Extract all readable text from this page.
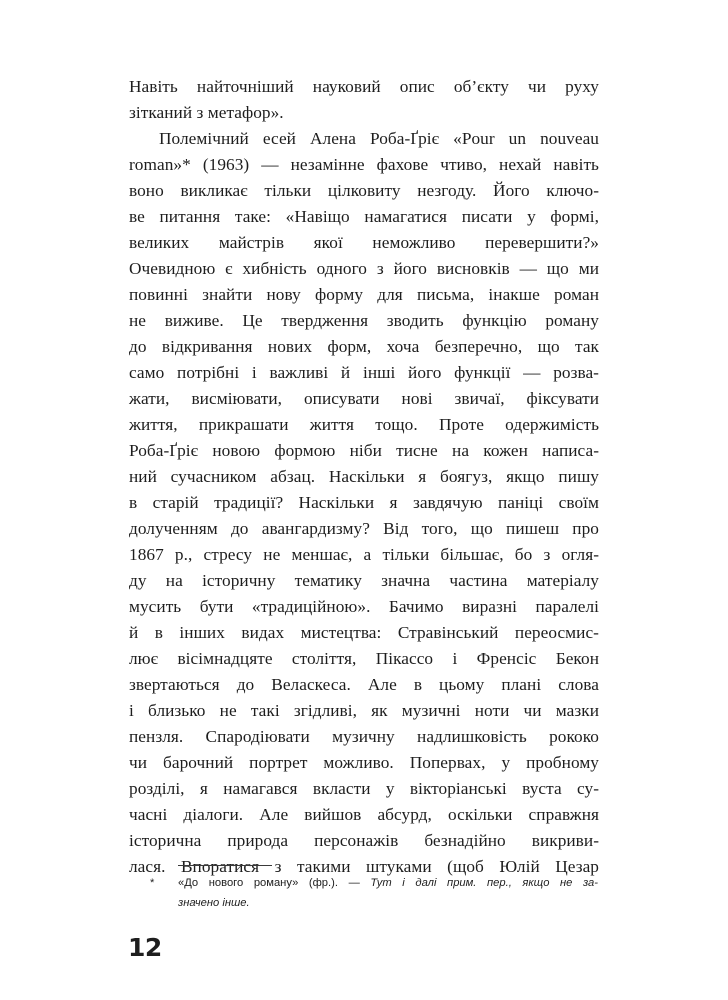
Навіть найточніший науковий опис об’єкту чи руху
зітканий з метафор».
Полемічний есей Алена Роба-Ґріє «Pour un nouveau
roman»* (1963) — незамінне фахове чтиво, нехай навіть
воно викликає тільки цілковиту незгоду. Його ключо-
ве питання таке: «Навіщо намагатися писати у формі,
великих майстрів якої неможливо перевершити?»
Очевидною є хибність одного з його висновків — що ми
повинні знайти нову форму для письма, інакше роман
не виживе. Це твердження зводить функцію роману
до відкривання нових форм, хоча безперечно, що так
само потрібні і важливі й інші його функції — розва-
жати, висміювати, описувати нові звичаї, фіксувати
життя, прикрашати життя тощо. Проте одержимість
Роба-Ґріє новою формою ніби тисне на кожен написа-
ний сучасником абзац. Наскільки я боягуз, якщо пишу
в старій традиції? Наскільки я завдячую паніці своїм
долученням до авангардизму? Від того, що пишеш про
1867 р., стресу не меншає, а тільки більшає, бо з огля-
ду на історичну тематику значна частина матеріалу
мусить бути «традиційною». Бачимо виразні паралелі
й в інших видах мистецтва: Стравінський переосмис-
лює вісімнадцяте століття, Пікассо і Френсіс Бекон
звертаються до Веласкеса. Але в цьому плані слова
і близько не такі згідливі, як музичні ноти чи мазки
пензля. Спародіювати музичну надлишковість рококо
чи барочний портрет можливо. Попервах, у пробному
розділі, я намагався вкласти у вікторіанські вуста су-
часні діалоги. Але вийшов абсурд, оскільки справжня
історична природа персонажів безнадійно викриви-
лася. Впоратися з такими штуками (щоб Юлій Цезар
* «До нового роману» (фр.). — Тут і далі прим. пер., якщо не за-
значено інше.
12
